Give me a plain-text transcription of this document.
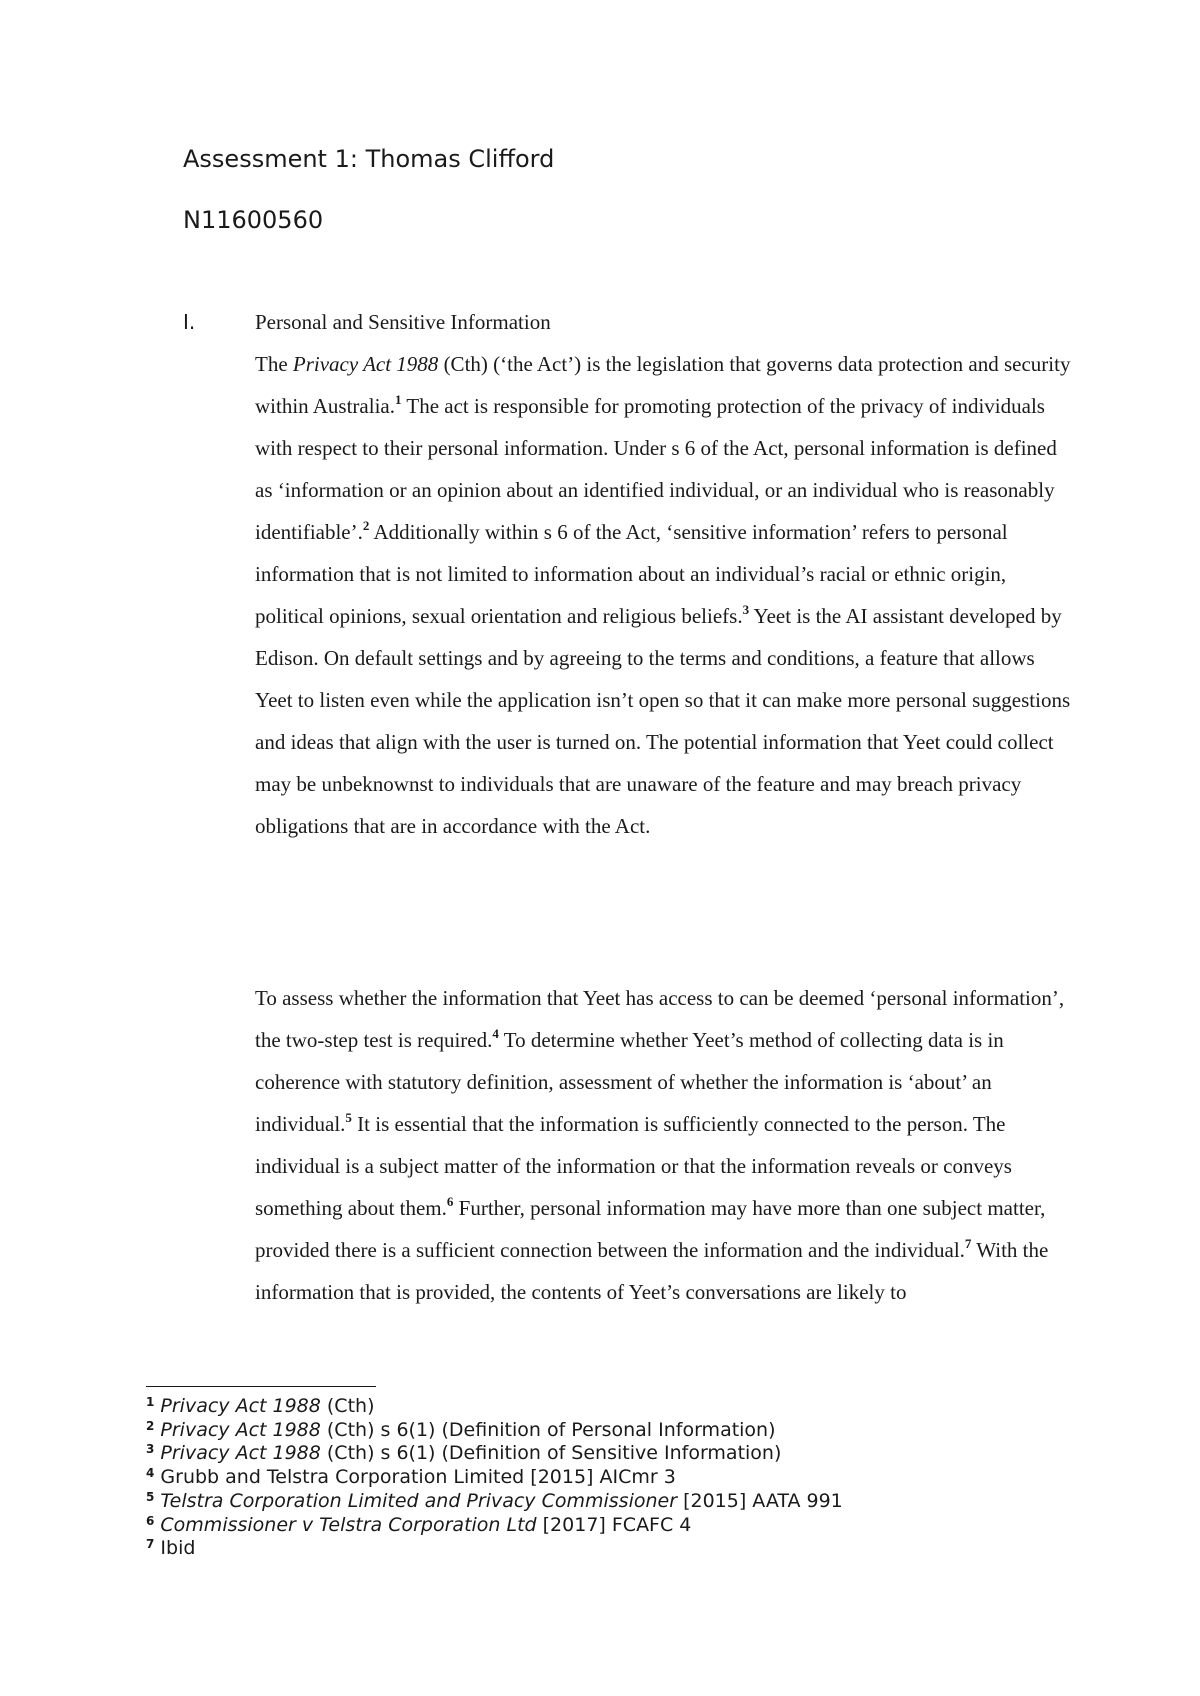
Assessment 1: Thomas Clifford
N11600560
I.	Personal and Sensitive Information

The Privacy Act 1988 (Cth) (‘the Act’) is the legislation that governs data protection and security within Australia.$^1$ The act is responsible for promoting protection of the privacy of individuals with respect to their personal information. Under s 6 of the Act, personal information is defined as ‘information or an opinion about an identified individual, or an individual who is reasonably identifiable’.$^2$ Additionally within s 6 of the Act, ‘sensitive information’ refers to personal information that is not limited to information about an individual’s racial or ethnic origin, political opinions, sexual orientation and religious beliefs.$^3$ Yeet is the AI assistant developed by Edison. On default settings and by agreeing to the terms and conditions, a feature that allows Yeet to listen even while the application isn’t open so that it can make more personal suggestions and ideas that align with the user is turned on. The potential information that Yeet could collect may be unbeknownst to individuals that are unaware of the feature and may breach privacy obligations that are in accordance with the Act.

To assess whether the information that Yeet has access to can be deemed ‘personal information’, the two-step test is required.$^4$ To determine whether Yeet’s method of collecting data is in coherence with statutory definition, assessment of whether the information is ‘about’ an individual.$^5$ It is essential that the information is sufficiently connected to the person. The individual is a subject matter of the information or that the information reveals or conveys something about them.$^6$ Further, personal information may have more than one subject matter, provided there is a sufficient connection between the information and the individual.$^7$ With the information that is provided, the contents of Yeet’s conversations are likely to

$^1$ Privacy Act 1988 (Cth)
$^2$ Privacy Act 1988 (Cth) s 6(1) (Definition of Personal Information)
$^3$ Privacy Act 1988 (Cth) s 6(1) (Definition of Sensitive Information)
$^4$ Grubb and Telstra Corporation Limited [2015] AICmr 3
$^5$ Telstra Corporation Limited and Privacy Commissioner [2015] AATA 991
$^6$ Commissioner v Telstra Corporation Ltd [2017] FCAFC 4
$^7$ Ibid
